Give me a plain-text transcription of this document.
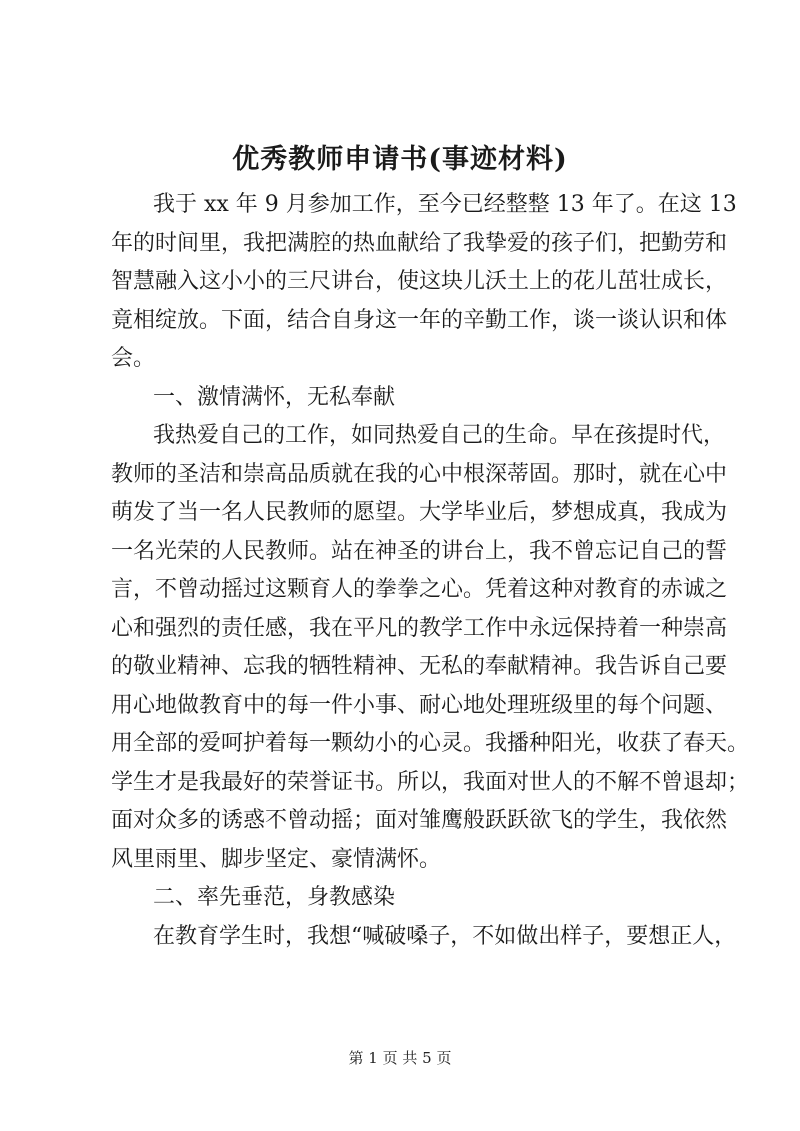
优秀教师申请书(事迹材料)
我于 xx 年 9 月参加工作，至今已经整整 13 年了。在这 13
年的时间里，我把满腔的热血献给了我挚爱的孩子们，把勤劳和
智慧融入这小小的三尺讲台，使这块儿沃土上的花儿茁壮成长，
竟相绽放。下面，结合自身这一年的辛勤工作，谈一谈认识和体
会。
一、激情满怀，无私奉献
我热爱自己的工作，如同热爱自己的生命。早在孩提时代，
教师的圣洁和崇高品质就在我的心中根深蒂固。那时，就在心中
萌发了当一名人民教师的愿望。大学毕业后，梦想成真，我成为
一名光荣的人民教师。站在神圣的讲台上，我不曾忘记自己的誓
言，不曾动摇过这颗育人的拳拳之心。凭着这种对教育的赤诚之
心和强烈的责任感，我在平凡的教学工作中永远保持着一种崇高
的敬业精神、忘我的牺牲精神、无私的奉献精神。我告诉自己要
用心地做教育中的每一件小事、耐心地处理班级里的每个问题、
用全部的爱呵护着每一颗幼小的心灵。我播种阳光，收获了春天。
学生才是我最好的荣誉证书。所以，我面对世人的不解不曾退却；
面对众多的诱惑不曾动摇；面对雏鹰般跃跃欲飞的学生，我依然
风里雨里、脚步坚定、豪情满怀。
二、率先垂范，身教感染
在教育学生时，我想“喊破嗓子，不如做出样子，要想正人，
第 1 页 共 5 页
